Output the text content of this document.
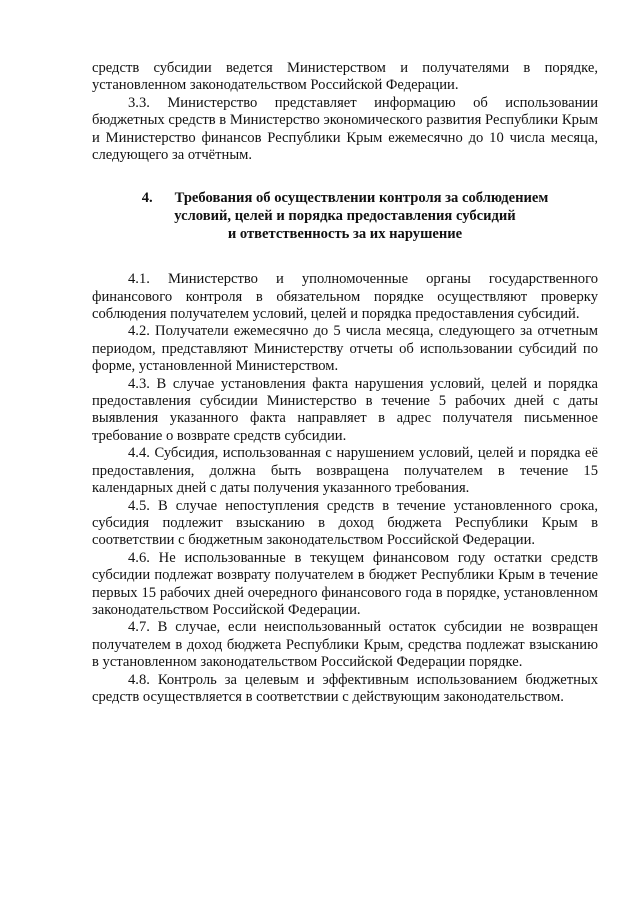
средств субсидии ведется Министерством и получателями в порядке, установленном законодательством Российской Федерации.

3.3. Министерство представляет информацию об использовании бюджетных средств в Министерство экономического развития Республики Крым и Министерство финансов Республики Крым ежемесячно до 10 числа месяца, следующего за отчётным.

4. Требования об осуществлении контроля за соблюдением
условий, целей и порядка предоставления субсидий
и ответственность за их нарушение

4.1. Министерство и уполномоченные органы государственного финансового контроля в обязательном порядке осуществляют проверку соблюдения получателем условий, целей и порядка предоставления субсидий.

4.2. Получатели ежемесячно до 5 числа месяца, следующего за отчетным периодом, представляют Министерству отчеты об использовании субсидий по форме, установленной Министерством.

4.3. В случае установления факта нарушения условий, целей и порядка предоставления субсидии Министерство в течение 5 рабочих дней с даты выявления указанного факта направляет в адрес получателя письменное требование о возврате средств субсидии.

4.4. Субсидия, использованная с нарушением условий, целей и порядка её предоставления, должна быть возвращена получателем в течение 15 календарных дней с даты получения указанного требования.

4.5. В случае непоступления средств в течение установленного срока, субсидия подлежит взысканию в доход бюджета Республики Крым в соответствии с бюджетным законодательством Российской Федерации.

4.6. Не использованные в текущем финансовом году остатки средств субсидии подлежат возврату получателем в бюджет Республики Крым в течение первых 15 рабочих дней очередного финансового года в порядке, установленном законодательством Российской Федерации.

4.7. В случае, если неиспользованный остаток субсидии не возвращен получателем в доход бюджета Республики Крым, средства подлежат взысканию в установленном законодательством Российской Федерации порядке.

4.8. Контроль за целевым и эффективным использованием бюджетных средств осуществляется в соответствии с действующим законодательством.
